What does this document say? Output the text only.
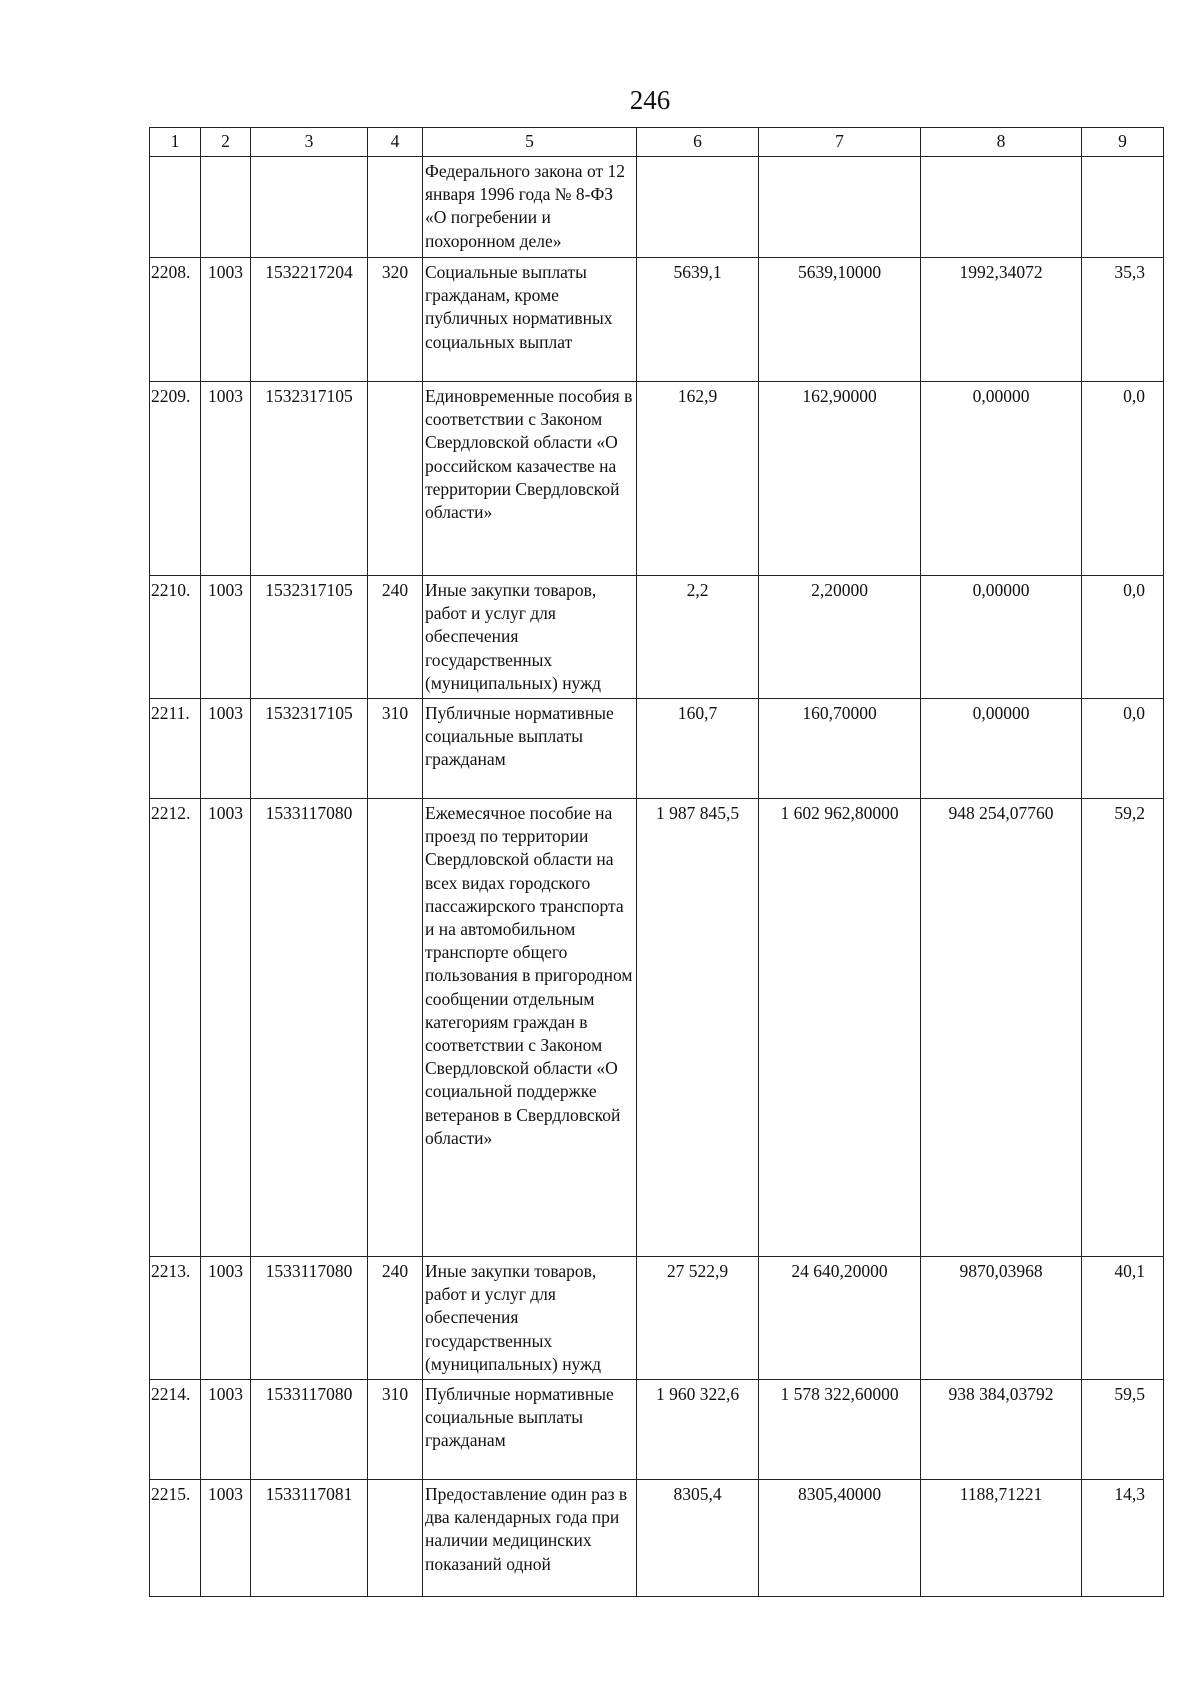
246
1	2	3	4	5	6	7	8	9
				Федерального закона от 12 января 1996 года № 8-ФЗ «О погребении и похоронном деле»				
2208.	1003	1532217204	320	Социальные выплаты гражданам, кроме публичных нормативных социальных выплат	5639,1	5639,10000	1992,34072	35,3
2209.	1003	1532317105		Единовременные пособия в соответствии с Законом Свердловской области «О российском казачестве на территории Свердловской области»	162,9	162,90000	0,00000	0,0
2210.	1003	1532317105	240	Иные закупки товаров, работ и услуг для обеспечения государственных (муниципальных) нужд	2,2	2,20000	0,00000	0,0
2211.	1003	1532317105	310	Публичные нормативные социальные выплаты гражданам	160,7	160,70000	0,00000	0,0
2212.	1003	1533117080		Ежемесячное пособие на проезд по территории Свердловской области на всех видах городского пассажирского транспорта и на автомобильном транспорте общего пользования в пригородном сообщении отдельным категориям граждан в соответствии с Законом Свердловской области «О социальной поддержке ветеранов в Свердловской области»	1 987 845,5	1 602 962,80000	948 254,07760	59,2
2213.	1003	1533117080	240	Иные закупки товаров, работ и услуг для обеспечения государственных (муниципальных) нужд	27 522,9	24 640,20000	9870,03968	40,1
2214.	1003	1533117080	310	Публичные нормативные социальные выплаты гражданам	1 960 322,6	1 578 322,60000	938 384,03792	59,5
2215.	1003	1533117081		Предоставление один раз в два календарных года при наличии медицинских показаний одной	8305,4	8305,40000	1188,71221	14,3
